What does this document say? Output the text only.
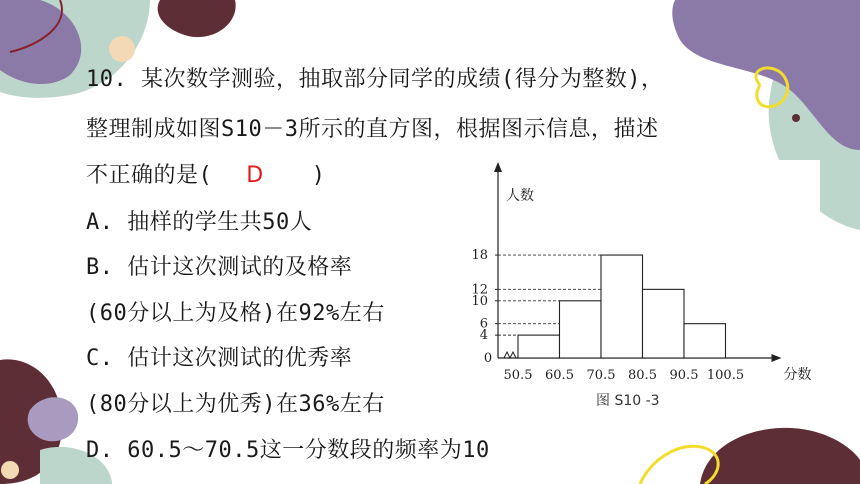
10. 某次数学测验，抽取部分同学的成绩(得分为整数)，
整理制成如图S10－3所示的直方图，根据图示信息，描述
不正确的是( D )
A. 抽样的学生共50人
B. 估计这次测试的及格率
(60分以上为及格)在92%左右
C. 估计这次测试的优秀率
(80分以上为优秀)在36%左右
D. 60.5～70.5这一分数段的频率为10
人数
分数
0
4
6
10
12
18
50.5 60.5 70.5 80.5 90.5 100.5
图 S10 -3
